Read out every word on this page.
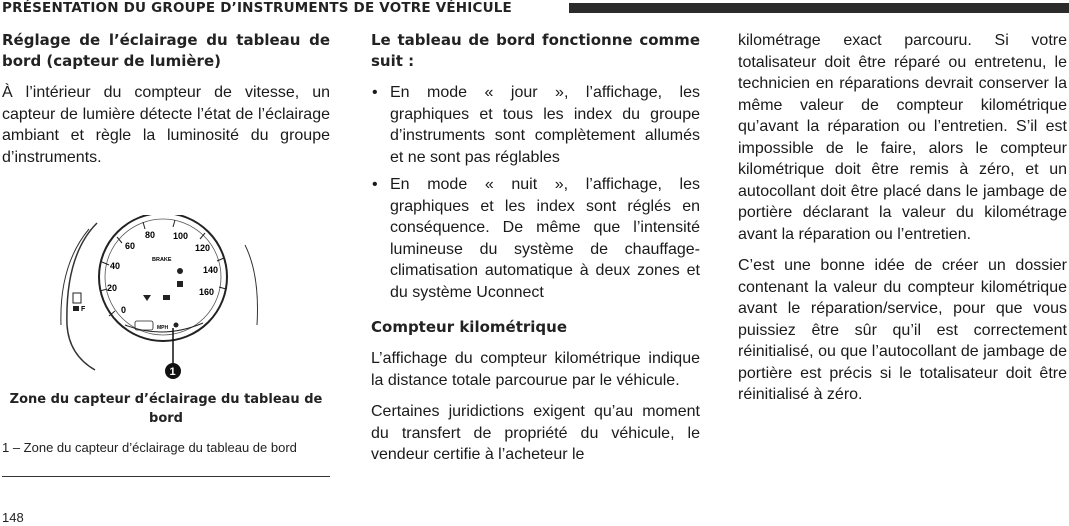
PRÉSENTATION DU GROUPE D’INSTRUMENTS DE VOTRE VÉHICULE
Réglage de l’éclairage du tableau de bord (capteur de lumière)

À l’intérieur du compteur de vitesse, un capteur de lumière détecte l’état de l’éclairage ambiant et règle la luminosité du groupe d’instruments.

0
20
40
60
80 100
120
140
160
BRAKE
MPH
F
1
Zone du capteur d’éclairage du tableau de bord
1 – Zone du capteur d’éclairage du tableau de bord
Le tableau de bord fonctionne comme suit :
• En mode « jour », l’affichage, les graphiques et tous les index du groupe d’instruments sont complètement allumés et ne sont pas réglables
• En mode « nuit », l’affichage, les graphiques et les index sont réglés en conséquence. De même que l’intensité lumineuse du système de chauffage-climatisation automatique à deux zones et du système Uconnect
Compteur kilométrique

L’affichage du compteur kilométrique indique la distance totale parcourue par le véhicule.

Certaines juridictions exigent qu’au moment du transfert de propriété du véhicule, le vendeur certifie à l’acheteur le

kilométrage exact parcouru. Si votre totalisateur doit être réparé ou entretenu, le technicien en réparations devrait conserver la même valeur de compteur kilométrique qu’avant la réparation ou l’entretien. S’il est impossible de le faire, alors le compteur kilométrique doit être remis à zéro, et un autocollant doit être placé dans le jambage de portière déclarant la valeur du kilométrage avant la réparation ou l’entretien.

C’est une bonne idée de créer un dossier contenant la valeur du compteur kilométrique avant le réparation/service, pour que vous puissiez être sûr qu’il est correctement réinitialisé, ou que l’autocollant de jambage de portière est précis si le totalisateur doit être réinitialisé à zéro.

148
